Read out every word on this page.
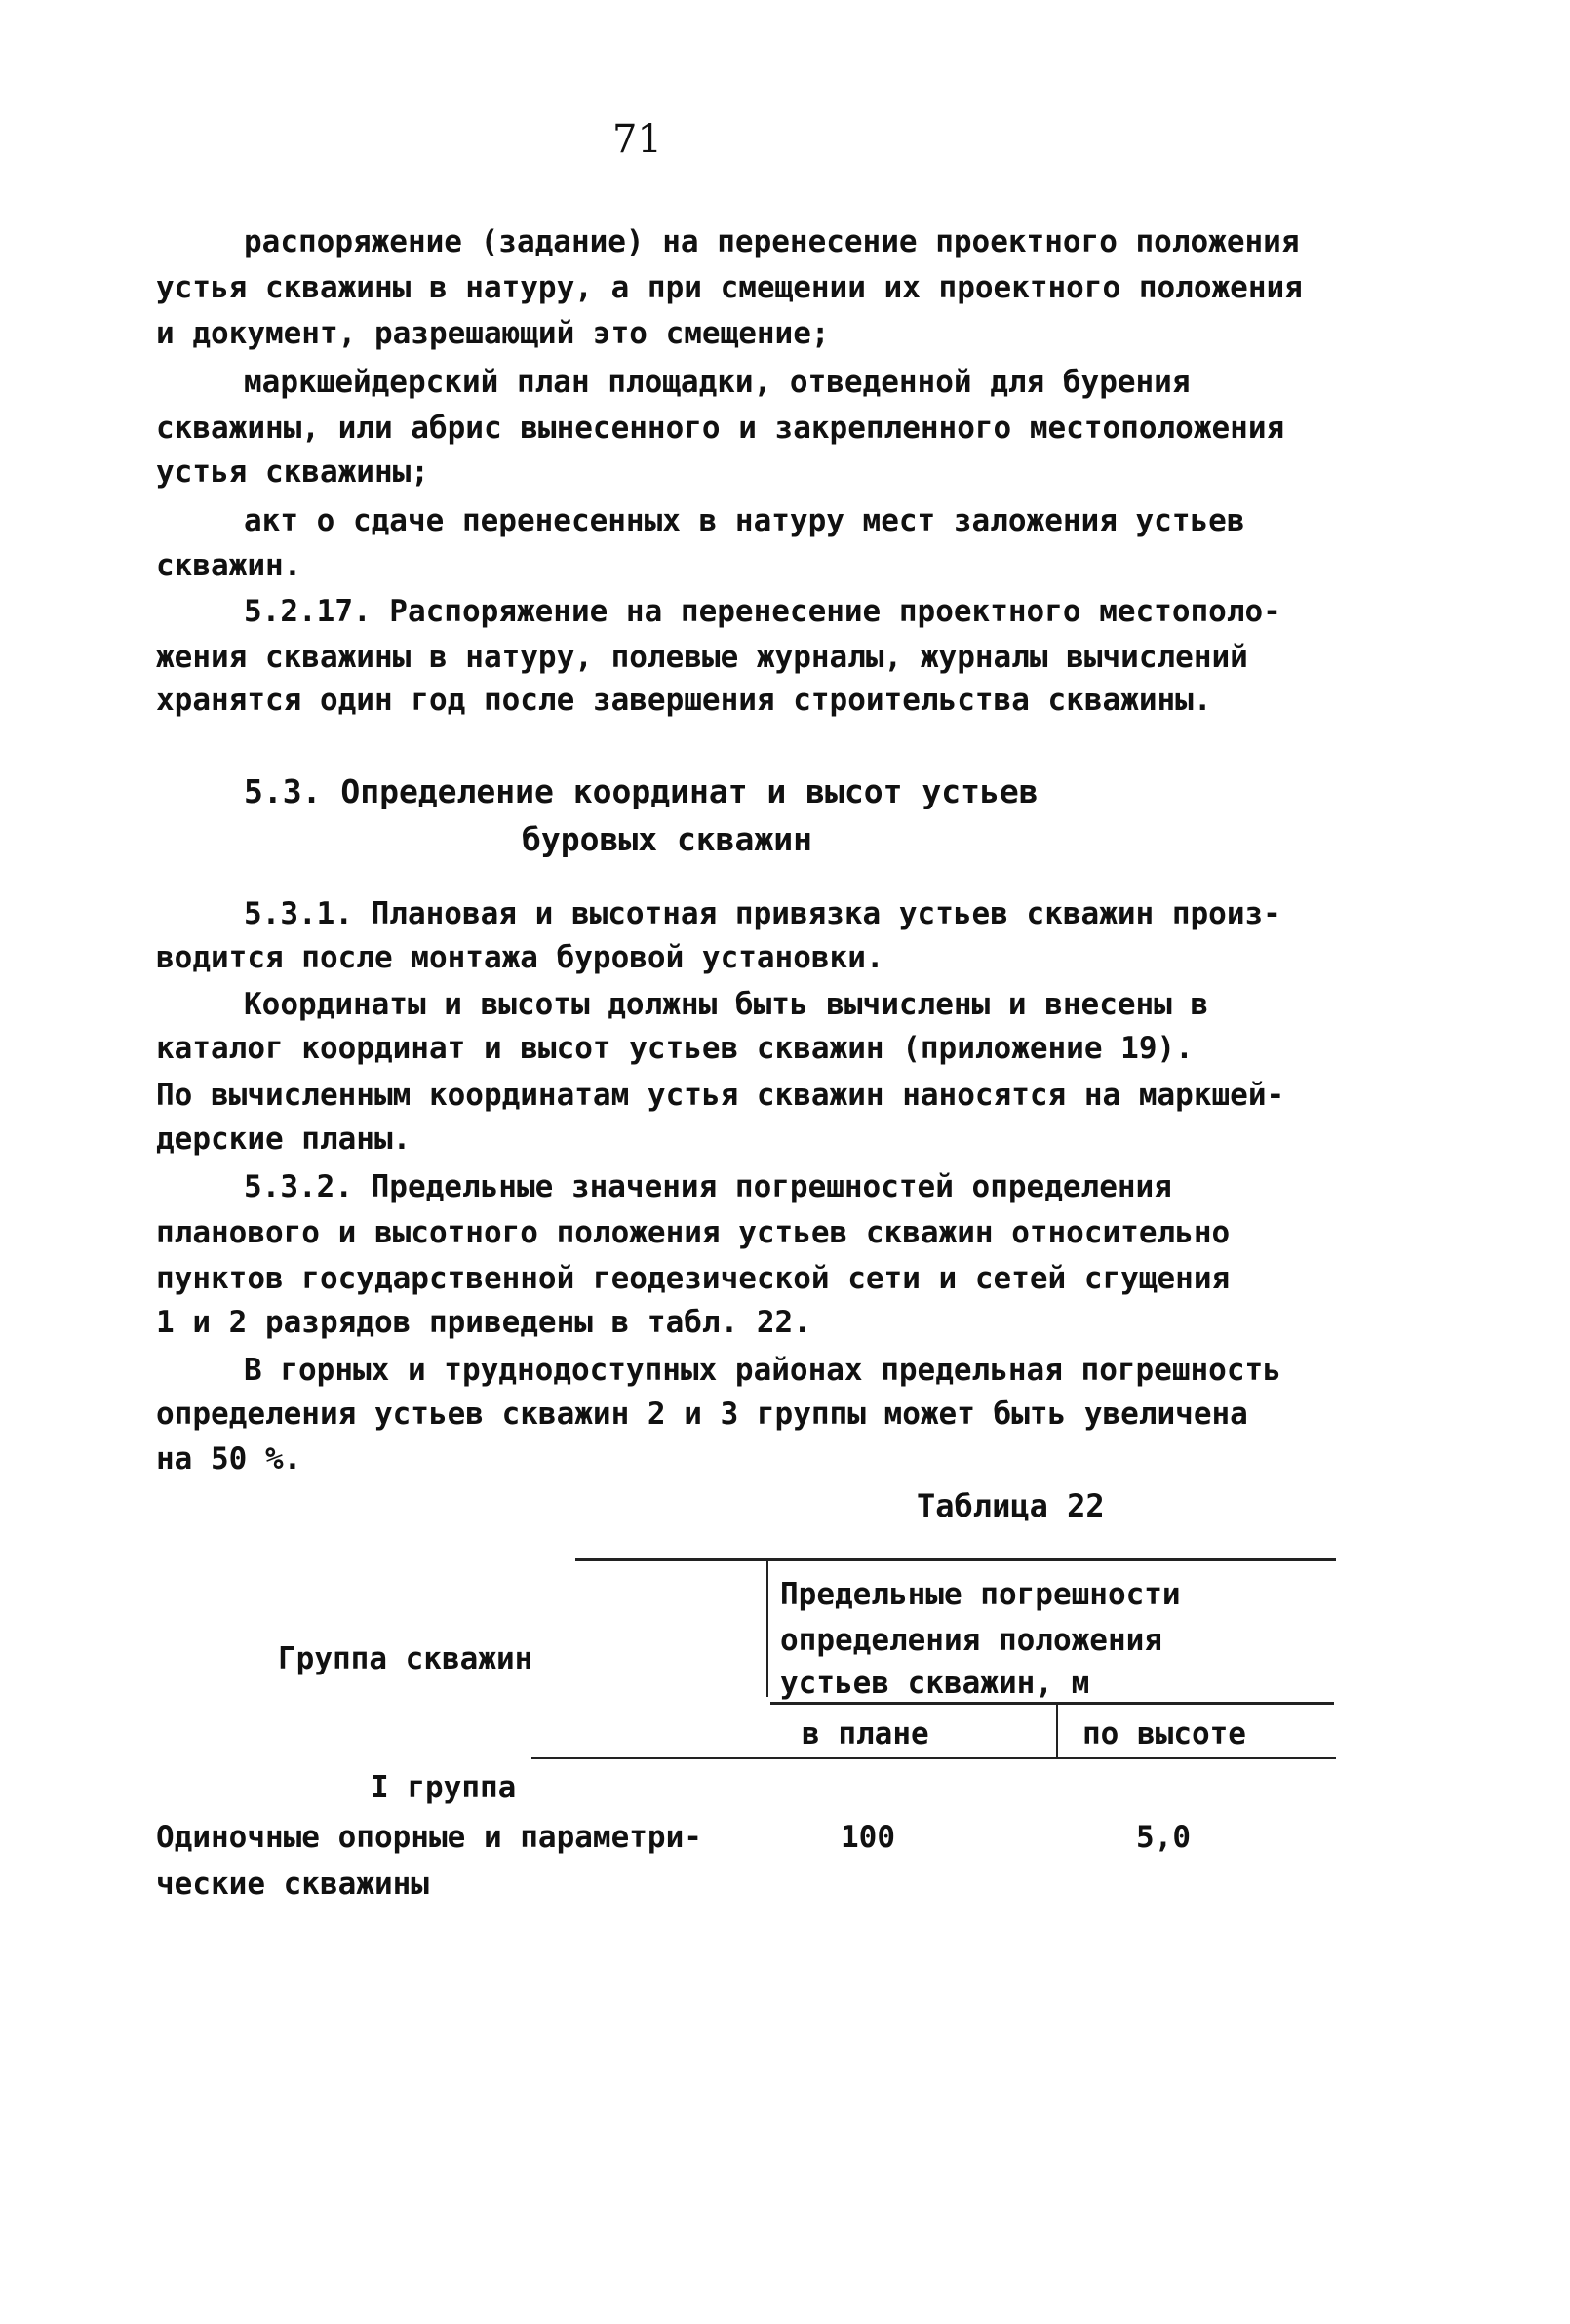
71
распоряжение (задание) на перенесение проектного положения
устья скважины в натуру, а при смещении их проектного положения
и документ, разрешающий это смещение;
маркшейдерский план площадки, отведенной для бурения
скважины, или абрис вынесенного и закрепленного местоположения
устья скважины;
акт о сдаче перенесенных в натуру мест заложения устьев
скважин.
5.2.17. Распоряжение на перенесение проектного местополо-
жения скважины в натуру, полевые журналы, журналы вычислений
хранятся один год после завершения строительства скважины.
5.3. Определение координат и высот устьев
буровых скважин
5.3.1. Плановая и высотная привязка устьев скважин произ-
водится после монтажа буровой установки.
Координаты и высоты должны быть вычислены и внесены в
каталог координат и высот устьев скважин (приложение 19).
По вычисленным координатам устья скважин наносятся на маркшей-
дерские планы.
5.3.2. Предельные значения погрешностей определения
планового и высотного положения устьев скважин относительно
пунктов государственной геодезической сети и сетей сгущения
1 и 2 разрядов приведены в табл. 22.
В горных и труднодоступных районах предельная погрешность
определения устьев скважин 2 и 3 группы может быть увеличена
на 50 %.
Таблица 22
Группа скважин
Предельные погрешности
определения положения
устьев скважин, м
в плане	по высоте
I группа
Одиночные опорные и параметри-
ческие скважины
100	5,0
